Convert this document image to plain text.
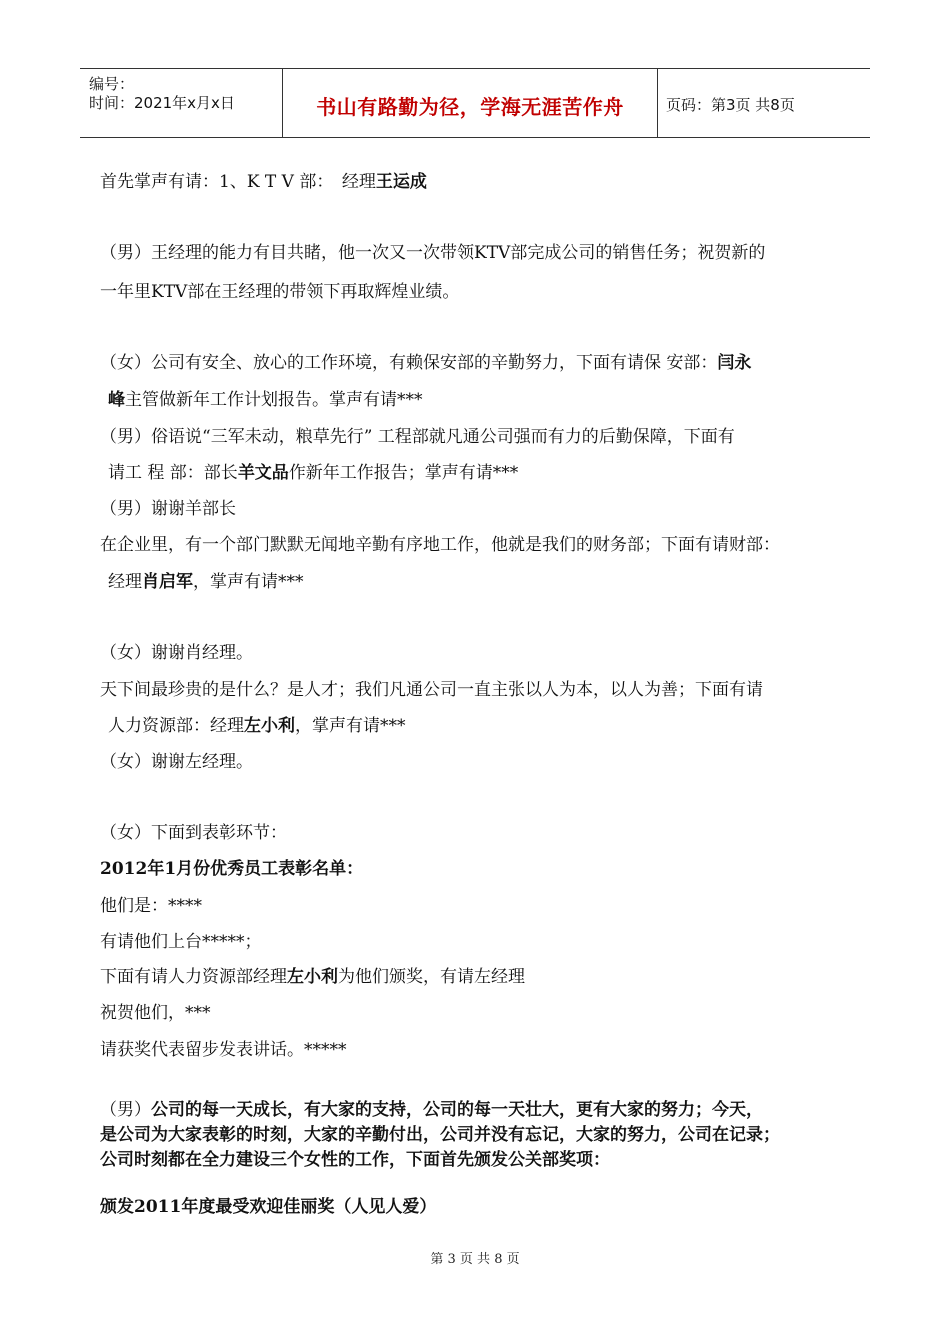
编号：
时间：2021年x月x日	书山有路勤为径，学海无涯苦作舟	页码：第3页 共8页
首先掌声有请：1、K T V 部：　经理王运成
（男）王经理的能力有目共睹，他一次又一次带领KTV部完成公司的销售任务；祝贺新的
一年里KTV部在王经理的带领下再取辉煌业绩。
（女）公司有安全、放心的工作环境，有赖保安部的辛勤努力，下面有请保 安部：闫永
峰主管做新年工作计划报告。掌声有请***
（男）俗语说“三军未动，粮草先行” 工程部就凡通公司强而有力的后勤保障，下面有
请工 程 部：部长羊文品作新年工作报告；掌声有请***
（男）谢谢羊部长
在企业里，有一个部门默默无闻地辛勤有序地工作，他就是我们的财务部；下面有请财部：
经理肖启军，掌声有请***
（女）谢谢肖经理。
天下间最珍贵的是什么？是人才；我们凡通公司一直主张以人为本，以人为善；下面有请
人力资源部：经理左小利，掌声有请***
（女）谢谢左经理。
（女）下面到表彰环节：
2012年1月份优秀员工表彰名单：
他们是：****
有请他们上台*****；
下面有请人力资源部经理左小利为他们颁奖，有请左经理
祝贺他们，***
请获奖代表留步发表讲话。*****
（男）公司的每一天成长，有大家的支持，公司的每一天壮大，更有大家的努力；今天，
是公司为大家表彰的时刻，大家的辛勤付出，公司并没有忘记，大家的努力，公司在记录；
公司时刻都在全力建设三个女性的工作，下面首先颁发公关部奖项：
颁发2011年度最受欢迎佳丽奖（人见人爱）
第 3 页 共 8 页
